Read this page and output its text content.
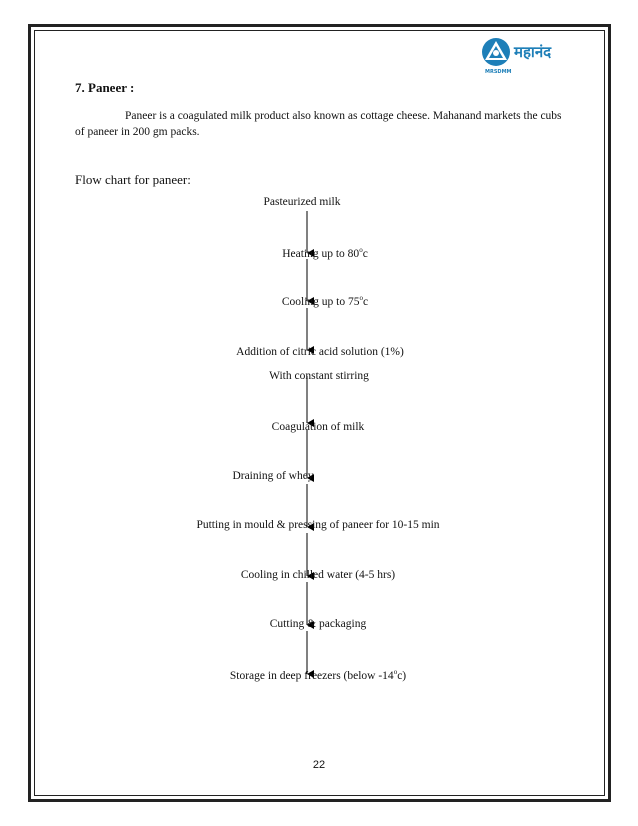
महानंद
MRSDMM
7. Paneer :
Paneer is a coagulated milk product also known as cottage cheese. Mahanand markets the cubs of paneer in 200 gm packs.
Flow chart for paneer:
Pasteurized milk
Heating up to 80$^o$c
Cooling up to 75$^o$c
Addition of citric acid solution (1%)
With constant stirring
Coagulation of milk
Draining of whey
Putting in mould & pressing of paneer for 10-15 min
Cooling in chilled water (4-5 hrs)
Cutting & packaging
Storage in deep freezers (below -14$^o$c)
22
